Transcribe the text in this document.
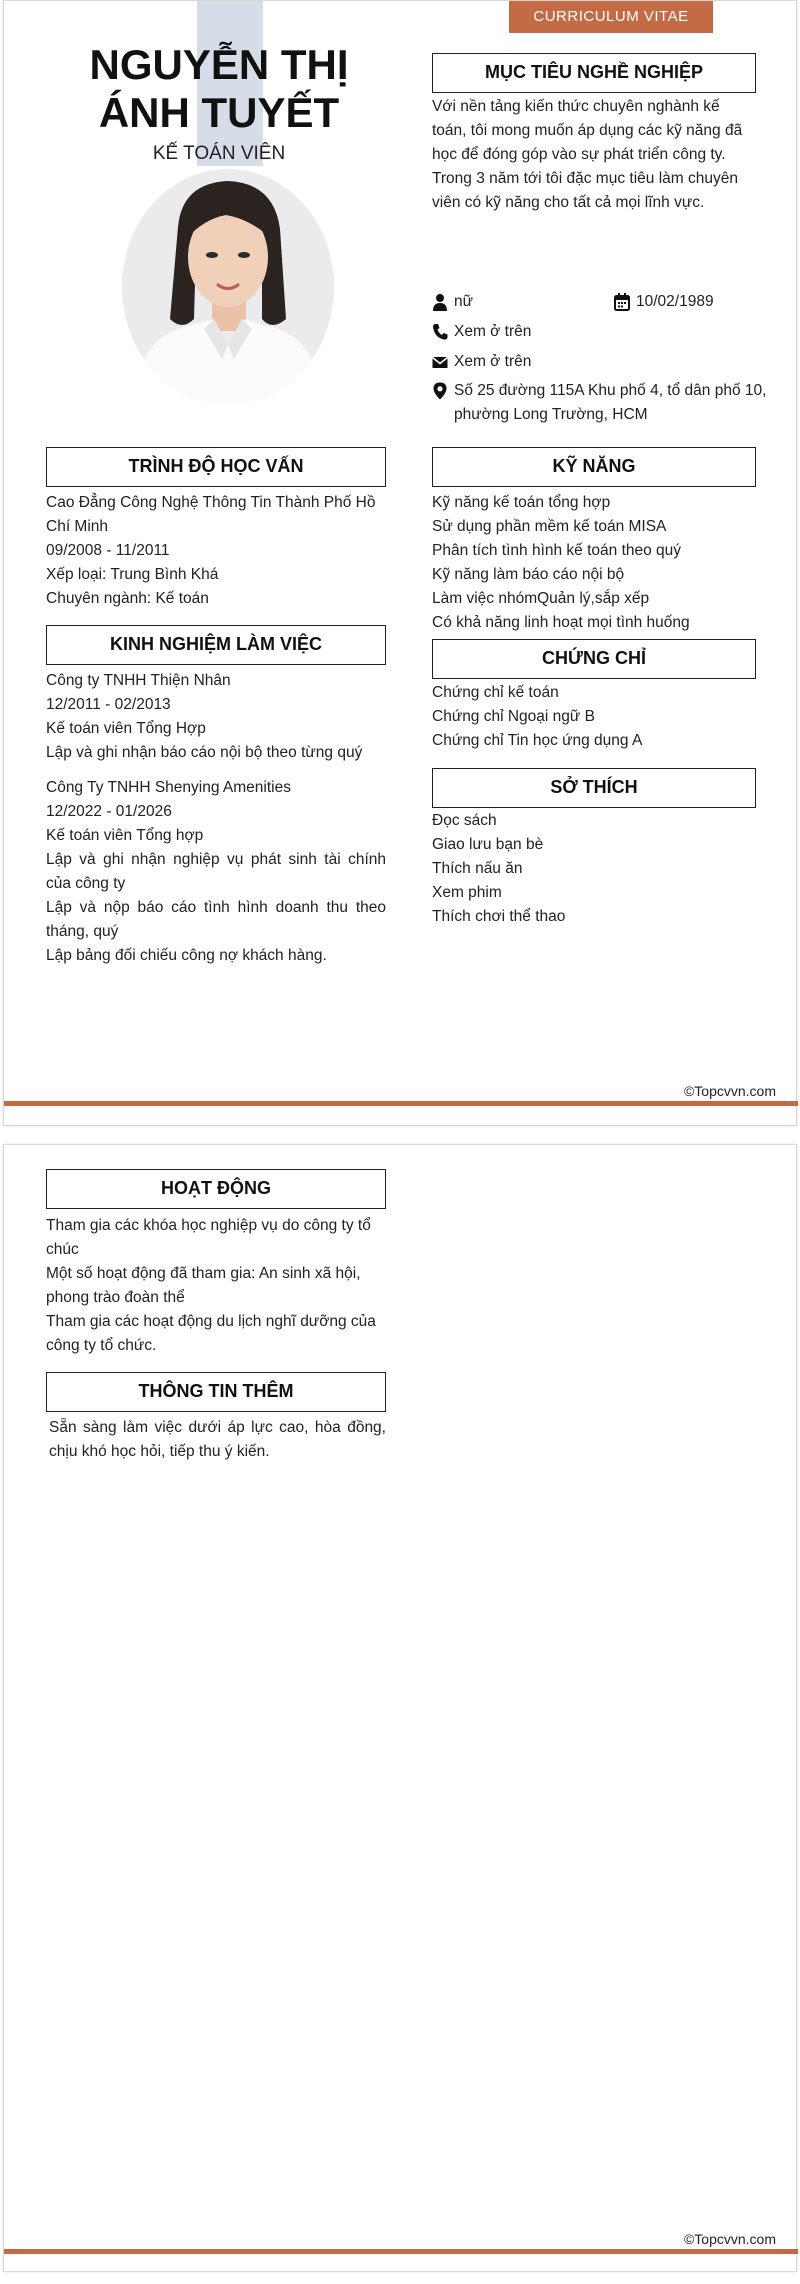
CURRICULUM VITAE
NGUYỄN THỊ ÁNH TUYẾT
KẾ TOÁN VIÊN
MỤC TIÊU NGHỀ NGHIỆP
Với nền tảng kiến thức chuyên nghành kế toán, tôi mong muốn áp dụng các kỹ năng đã học để đóng góp vào sự phát triển công ty. Trong 3 năm tới tôi đặc mục tiêu làm chuyên viên có kỹ năng cho tất cả mọi lĩnh vực.
nữ	10/02/1989
Xem ở trên
Xem ở trên
Số 25 đường 115A Khu phố 4, tổ dân phố 10, phường Long Trường, HCM
TRÌNH ĐỘ HỌC VẤN
Cao Đẳng Công Nghệ Thông Tin Thành Phố Hồ Chí Minh
09/2008 - 11/2011
Xếp loại: Trung Bình Khá
Chuyên ngành: Kế toán
KINH NGHIỆM LÀM VIỆC
Công ty TNHH Thiện Nhân
12/2011 - 02/2013
Kế toán viên Tổng Hợp
Lập và ghi nhận báo cáo nội bộ theo từng quý
Công Ty TNHH Shenying Amenities
12/2022 - 01/2026
Kế toán viên Tổng hợp
Lập và ghi nhận nghiệp vụ phát sinh tài chính của công ty
Lập và nộp báo cáo tình hình doanh thu theo tháng, quý
Lập bảng đối chiếu công nợ khách hàng.
KỸ NĂNG
Kỹ năng kế toán tổng hợp
Sử dụng phần mềm kế toán MISA
Phân tích tình hình kế toán theo quý
Kỹ năng làm báo cáo nội bộ
Làm việc nhómQuản lý,sắp xếp
Có khả năng linh hoạt mọi tình huống
CHỨNG CHỈ
Chứng chỉ kế toán
Chứng chỉ Ngoại ngữ B
Chứng chỉ Tin học ứng dụng A
SỞ THÍCH
Đọc sách
Giao lưu bạn bè
Thích nấu ăn
Xem phim
Thích chơi thể thao
©Topcvvn.com
HOẠT ĐỘNG
Tham gia các khóa học nghiệp vụ do công ty tổ chúc
Một số hoạt động đã tham gia: An sinh xã hội, phong trào đoàn thể
Tham gia các hoạt động du lịch nghĩ dưỡng của công ty tổ chức.
THÔNG TIN THÊM
Sẵn sàng làm việc dưới áp lực cao, hòa đồng, chịu khó học hỏi, tiếp thu ý kiến.
©Topcvvn.com
